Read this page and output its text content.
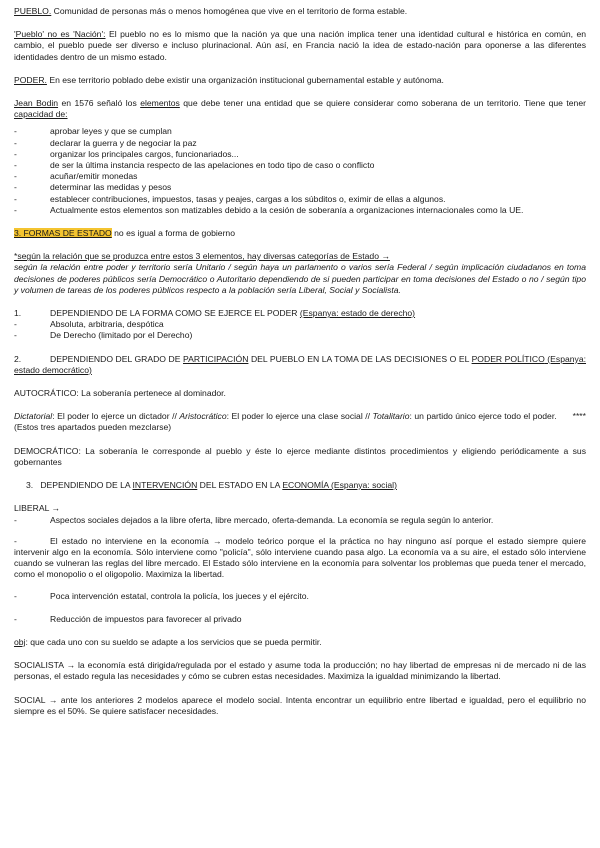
PUEBLO. Comunidad de personas más o menos homogénea que vive en el territorio de forma estable.

'Pueblo' no es 'Nación': El pueblo no es lo mismo que la nación ya que una nación implica tener una identidad cultural e histórica en común, en cambio, el pueblo puede ser diverso e incluso plurinacional. Aún así, en Francia nació la idea de estado-nación para oponerse a las diferentes identidades dentro de un mismo estado.

PODER. En ese territorio poblado debe existir una organización institucional gubernamental estable y autónoma.

Jean Bodin en 1576 señaló los elementos que debe tener una entidad que se quiere considerar como soberana de un territorio. Tiene que tener capacidad de:

-	aprobar leyes y que se cumplan
-	declarar la guerra y de negociar la paz
-	organizar los principales cargos, funcionariados...
-	de ser la última instancia respecto de las apelaciones en todo tipo de caso o conflicto
-	acuñar/emitir monedas
-	determinar las medidas y pesos
-	establecer contribuciones, impuestos, tasas y peajes, cargas a los súbditos o, eximir de ellas a algunos.

-	Actualmente estos elementos son matizables debido a la cesión de soberanía a organizaciones internacionales como la UE.

3. FORMAS DE ESTADO no es igual a forma de gobierno

*según la relación que se produzca entre estos 3 elementos, hay diversas categorías de Estado →

según la relación entre poder y territorio sería Unitario / según haya un parlamento o varios sería Federal / según implicación ciudadanos en toma decisiones de poderes públicos sería Democrático o Autoritario dependiendo de si pueden participar en toma decisiones del Estado o no / según tipo y volumen de tareas de los poderes públicos respecto a la población sería Liberal, Social y Socialista.

1.	DEPENDIENDO DE LA FORMA COMO SE EJERCE EL PODER (Espanya: estado de derecho)
-	Absoluta, arbitraria, despótica
-	De Derecho (limitado por el Derecho)

2.	DEPENDIENDO DEL GRADO DE PARTICIPACIÓN DEL PUEBLO EN LA TOMA DE LAS DECISIONES O EL PODER POLÍTICO (Espanya: estado democrático)

AUTOCRÁTICO: La soberanía pertenece al dominador.

Dictatorial: El poder lo ejerce un dictador // Aristocrático: El poder lo ejerce una clase social // Totalitario: un partido único ejerce todo el poder. ****(Estos tres apartados pueden mezclarse)

DEMOCRÁTICO: La soberanía le corresponde al pueblo y éste lo ejerce mediante distintos procedimientos y eligiendo periódicamente a sus gobernantes

3. DEPENDIENDO DE LA INTERVENCIÓN DEL ESTADO EN LA ECONOMÍA (Espanya: social)

LIBERAL →

-	Aspectos sociales dejados a la libre oferta, libre mercado, oferta-demanda. La economía se regula según lo anterior.

-	El estado no interviene en la economía → modelo teórico porque el la práctica no hay ninguno así porque el estado siempre quiere intervenir algo en la economía. Sólo interviene como "policía", sólo interviene cuando pasa algo. La economía va a su aire, el estado sólo interviene cuando se vulneran las reglas del libre mercado. El Estado sólo interviene en la economía para solventar los problemas que pueda tener el mercado, como el monopolio o el oligopolio. Maximiza la libertad.

-	Poca intervención estatal, controla la policía, los jueces y el ejército.
-	Reducción de impuestos para favorecer al privado

obj: que cada uno con su sueldo se adapte a los servicios que se pueda permitir.

SOCIALISTA → la economía está dirigida/regulada por el estado y asume toda la producción; no hay libertad de empresas ni de mercado ni de las personas, el estado regula las necesidades y cómo se cubren estas necesidades. Maximiza la igualdad minimizando la libertad.

SOCIAL → ante los anteriores 2 modelos aparece el modelo social. Intenta encontrar un equilibrio entre libertad e igualdad, pero el equilibrio no siempre es el 50%. Se quiere satisfacer necesidades.
